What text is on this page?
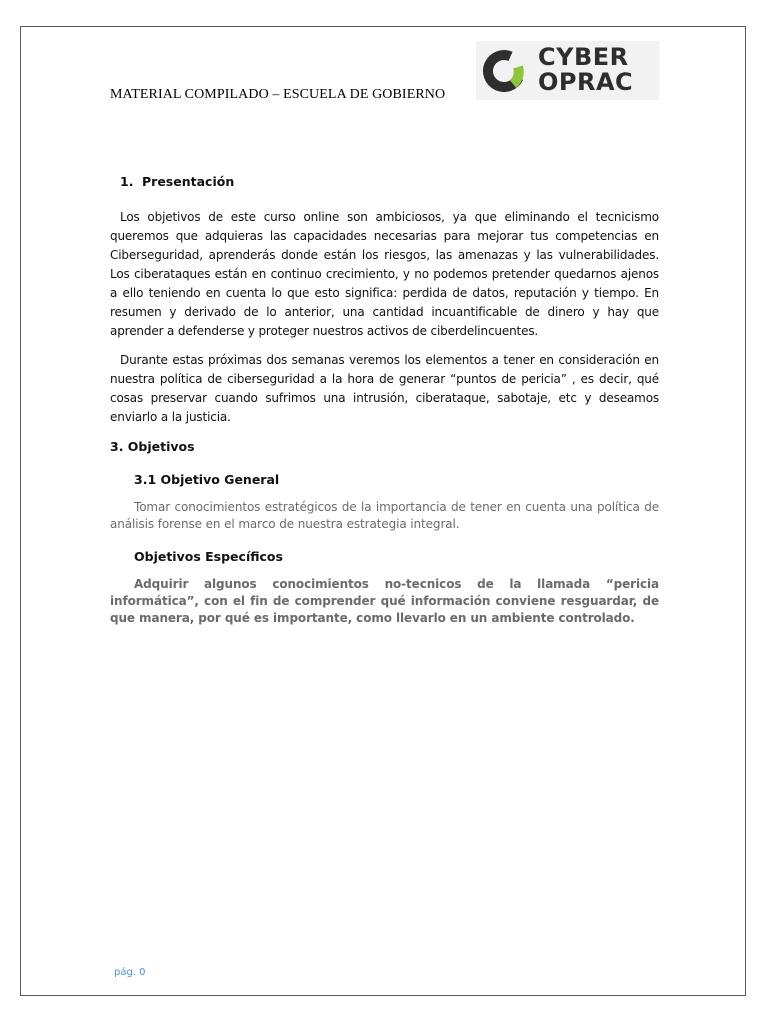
MATERIAL COMPILADO – ESCUELA DE GOBIERNO
CYBER
OPRAC
1. Presentación

Los objetivos de este curso online son ambiciosos, ya que eliminando el tecnicismo queremos que adquieras las capacidades necesarias para mejorar tus competencias en Ciberseguridad, aprenderás donde están los riesgos, las amenazas y las vulnerabilidades. Los ciberataques están en continuo crecimiento, y no podemos pretender quedarnos ajenos a ello teniendo en cuenta lo que esto significa: perdida de datos, reputación y tiempo. En resumen y derivado de lo anterior, una cantidad incuantificable de dinero y hay que aprender a defenderse y proteger nuestros activos de ciberdelincuentes.

Durante estas próximas dos semanas veremos los elementos a tener en consideración en nuestra política de ciberseguridad a la hora de generar “puntos de pericia” , es decir, qué cosas preservar cuando sufrimos una intrusión, ciberataque, sabotaje, etc y deseamos enviarlo a la justicia.

3. Objetivos
3.1 Objetivo General

Tomar conocimientos estratégicos de la importancia de tener en cuenta una política de análisis forense en el marco de nuestra estrategia integral.

Objetivos Específicos

Adquirir algunos conocimientos no-tecnicos de la llamada “pericia informática”, con el fin de comprender qué información conviene resguardar, de que manera, por qué es importante, como llevarlo en un ambiente controlado.

pág. 0
